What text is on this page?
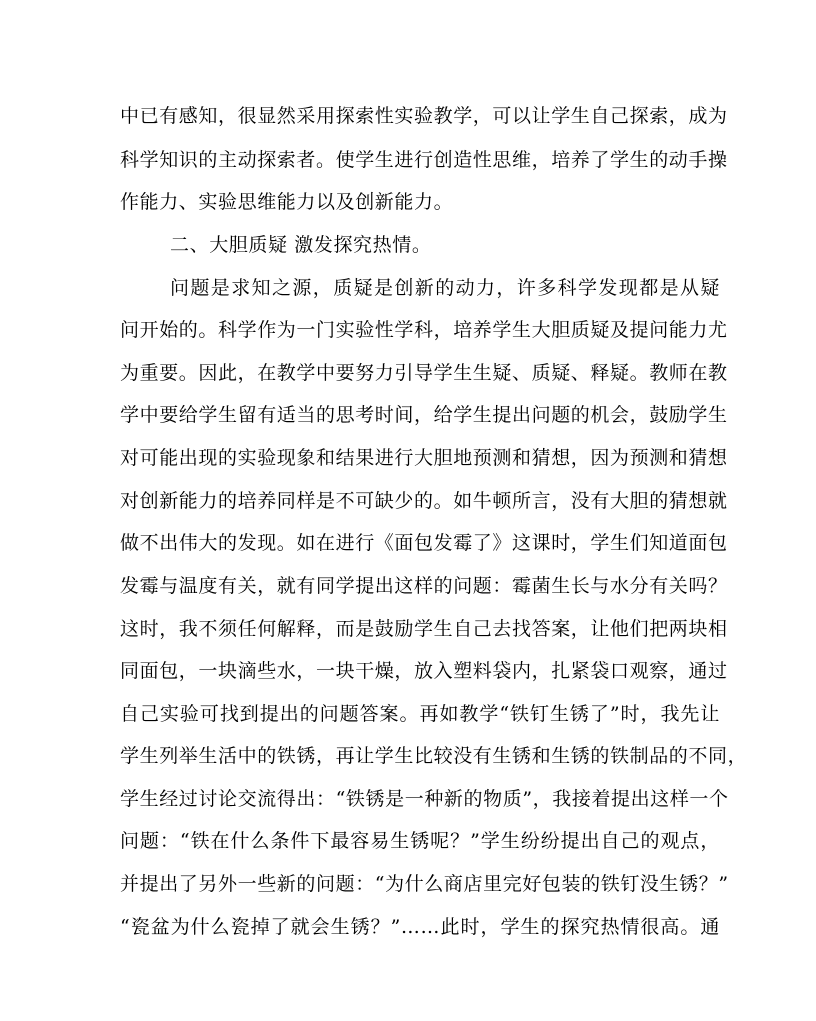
中已有感知，很显然采用探索性实验教学，可以让学生自己探索，成为
科学知识的主动探索者。使学生进行创造性思维，培养了学生的动手操
作能力、实验思维能力以及创新能力。
二、大胆质疑 激发探究热情。
问题是求知之源，质疑是创新的动力，许多科学发现都是从疑
问开始的。科学作为一门实验性学科，培养学生大胆质疑及提问能力尤
为重要。因此，在教学中要努力引导学生生疑、质疑、释疑。教师在教
学中要给学生留有适当的思考时间，给学生提出问题的机会，鼓励学生
对可能出现的实验现象和结果进行大胆地预测和猜想，因为预测和猜想
对创新能力的培养同样是不可缺少的。如牛顿所言，没有大胆的猜想就
做不出伟大的发现。如在进行《面包发霉了》这课时，学生们知道面包
发霉与温度有关，就有同学提出这样的问题：霉菌生长与水分有关吗？
这时，我不须任何解释，而是鼓励学生自己去找答案，让他们把两块相
同面包，一块滴些水，一块干燥，放入塑料袋内，扎紧袋口观察，通过
自己实验可找到提出的问题答案。再如教学“铁钉生锈了”时，我先让
学生列举生活中的铁锈，再让学生比较没有生锈和生锈的铁制品的不同，
学生经过讨论交流得出：“铁锈是一种新的物质”，我接着提出这样一个
问题：“铁在什么条件下最容易生锈呢？”学生纷纷提出自己的观点，
并提出了另外一些新的问题：“为什么商店里完好包装的铁钉没生锈？”
“瓷盆为什么瓷掉了就会生锈？”……此时，学生的探究热情很高。通
